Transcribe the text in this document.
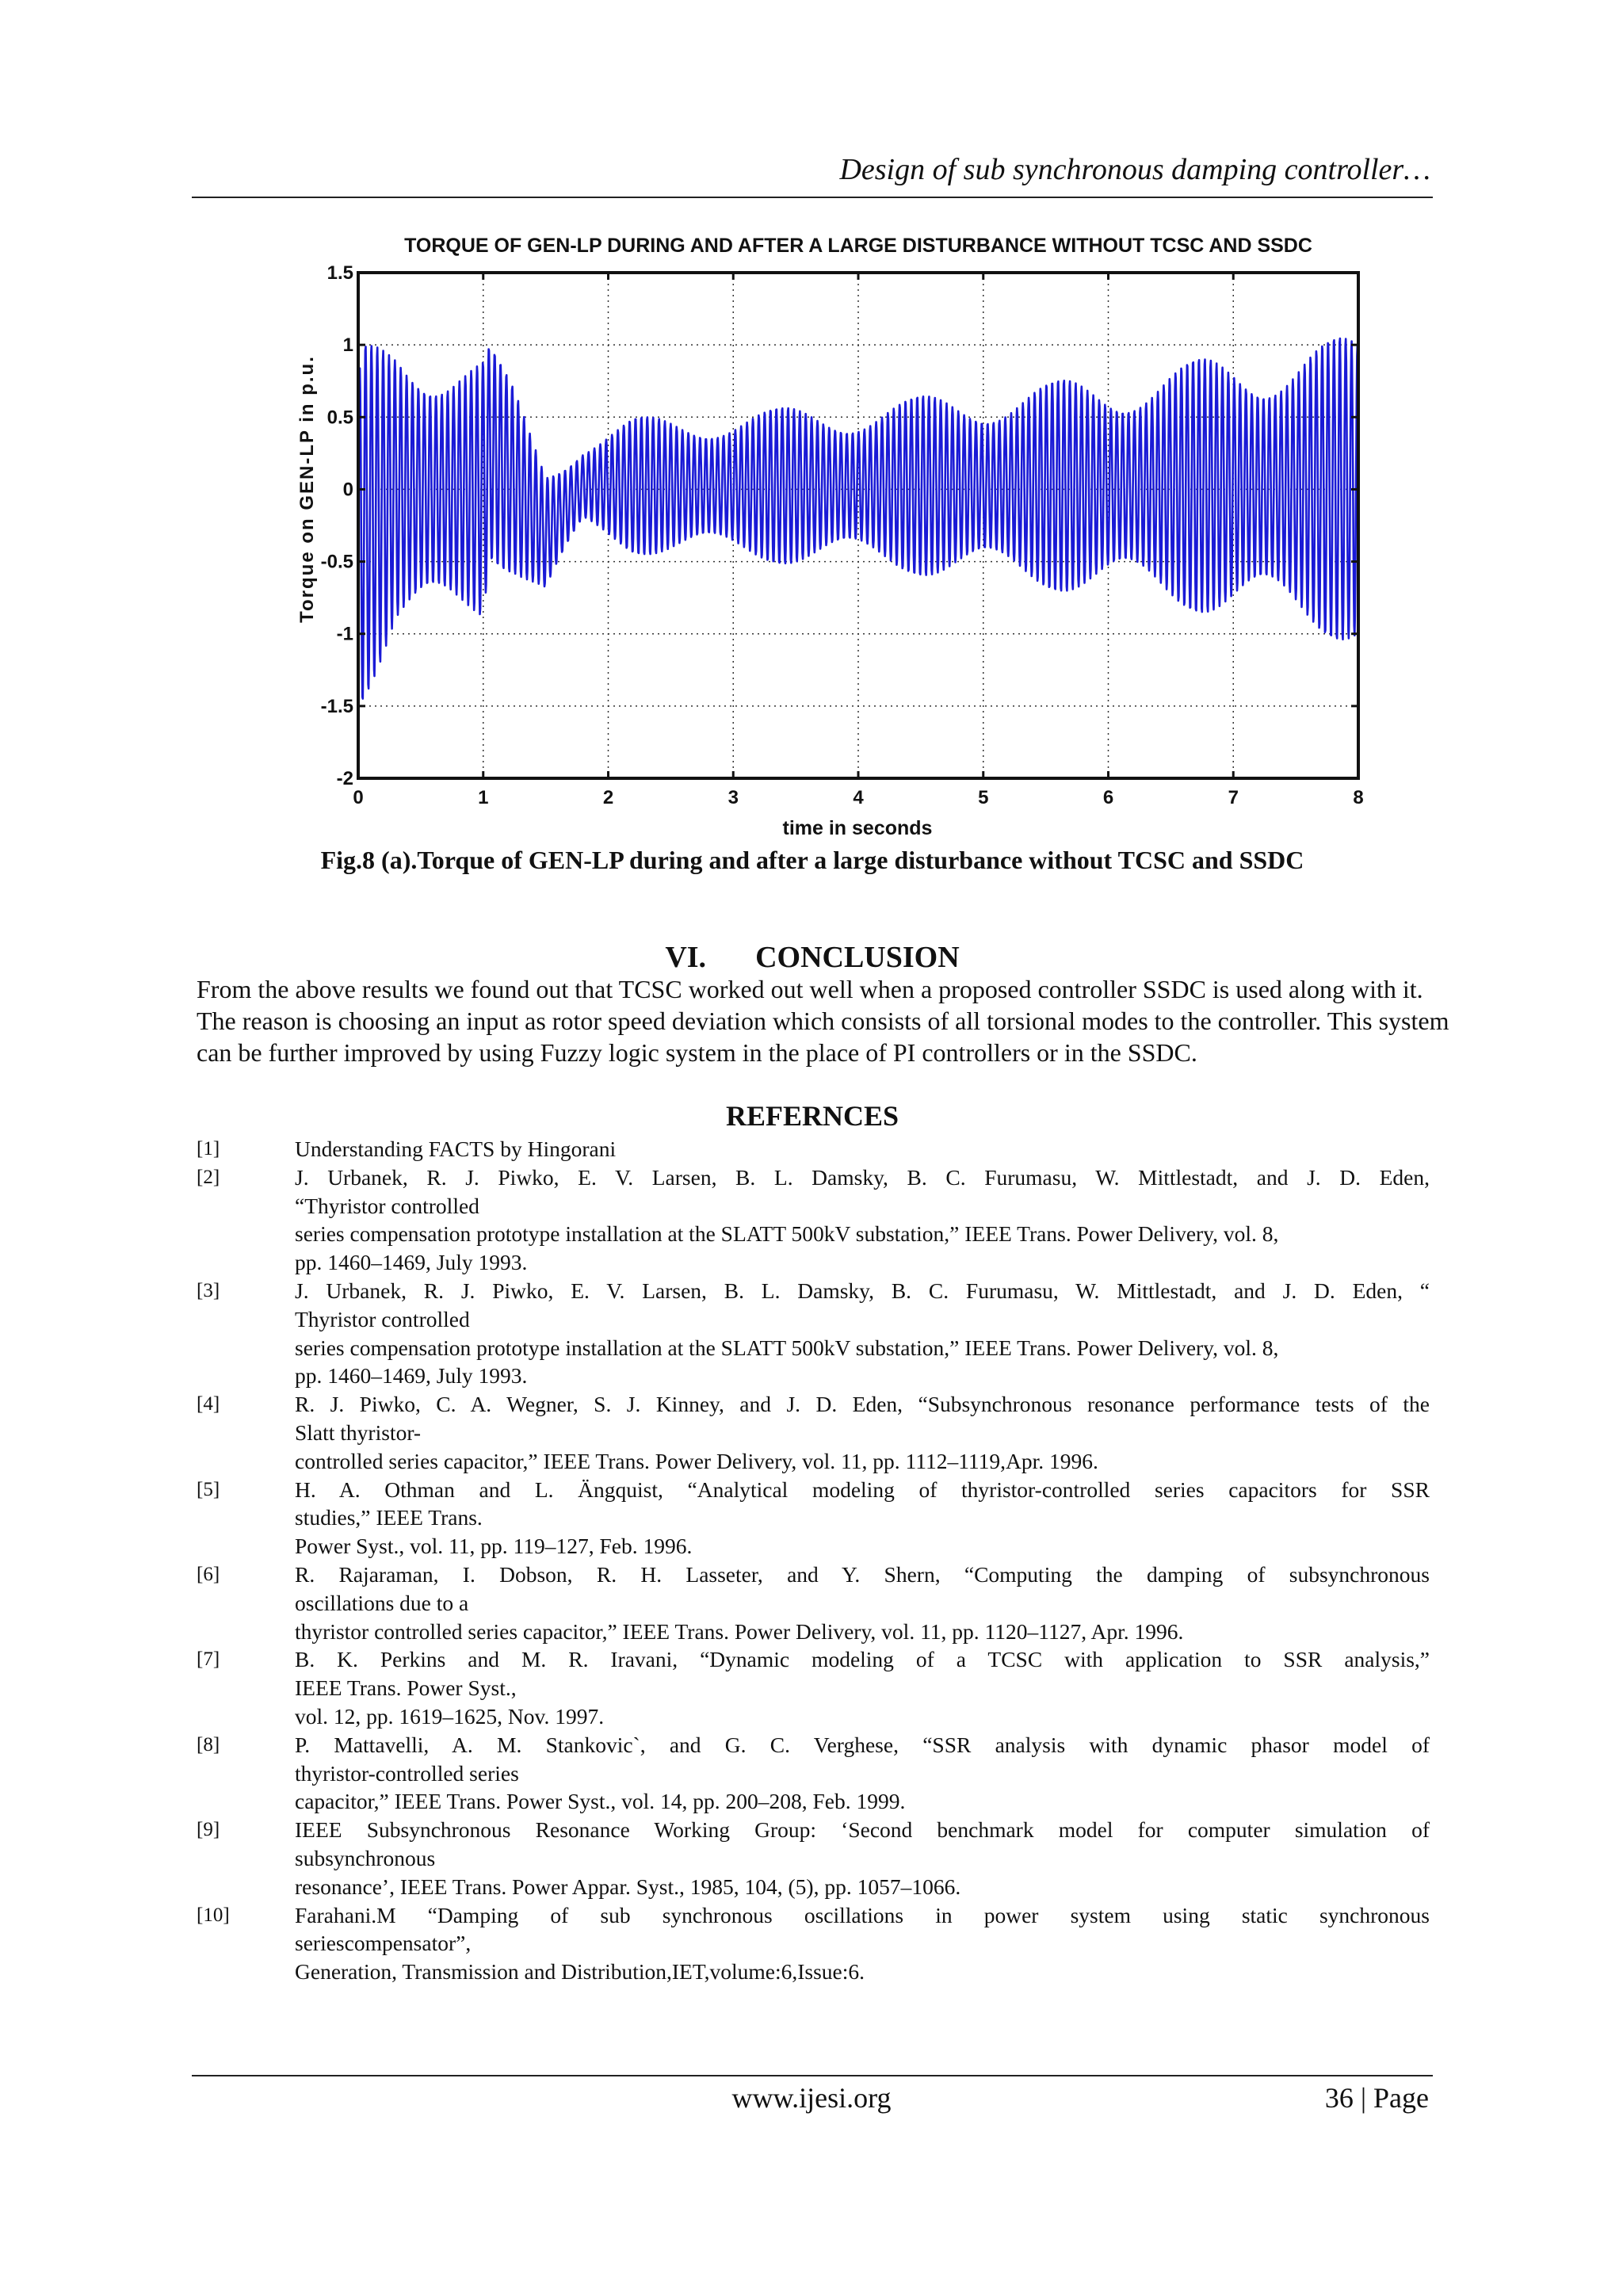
Design of sub synchronous damping controller…
TORQUE OF GEN-LP DURING AND AFTER A LARGE DISTURBANCE WITHOUT TCSC AND SSDC
Torque on GEN-LP in p.u.
time in seconds
0	1	2	3	4	5	6	7	8
1.5
1
0.5
0
-0.5
-1
-1.5
-2
Fig.8 (a).Torque of GEN-LP during and after a large disturbance without TCSC and SSDC
VI. CONCLUSION
From the above results we found out that TCSC worked out well when a proposed controller SSDC is used along with it. The reason is choosing an input as rotor speed deviation which consists of all torsional modes to the controller. This system can be further improved by using Fuzzy logic system in the place of PI controllers or in the SSDC.
REFERNCES
[1]	Understanding FACTS by Hingorani
[2]	J. Urbanek, R. J. Piwko, E. V. Larsen, B. L. Damsky, B. C. Furumasu, W. Mittlestadt, and J. D. Eden,
“Thyristor controlled
series compensation prototype installation at the SLATT 500kV substation,” IEEE Trans. Power Delivery, vol. 8,
pp. 1460–1469, July 1993.
[3]	J. Urbanek, R. J. Piwko, E. V. Larsen, B. L. Damsky, B. C. Furumasu, W. Mittlestadt, and J. D. Eden, “
Thyristor controlled
series compensation prototype installation at the SLATT 500kV substation,” IEEE Trans. Power Delivery, vol. 8,
pp. 1460–1469, July 1993.
[4]	R. J. Piwko, C. A. Wegner, S. J. Kinney, and J. D. Eden, “Subsynchronous resonance performance tests of the
Slatt thyristor-
controlled series capacitor,” IEEE Trans. Power Delivery, vol. 11, pp. 1112–1119,Apr. 1996.
[5]	H. A. Othman and L. Ängquist, “Analytical modeling of thyristor-controlled series capacitors for SSR
studies,” IEEE Trans.
Power Syst., vol. 11, pp. 119–127, Feb. 1996.
[6]	R. Rajaraman, I. Dobson, R. H. Lasseter, and Y. Shern, “Computing the damping of subsynchronous
oscillations due to a
thyristor controlled series capacitor,” IEEE Trans. Power Delivery, vol. 11, pp. 1120–1127, Apr. 1996.
[7]	B. K. Perkins and M. R. Iravani, “Dynamic modeling of a TCSC with application to SSR analysis,”
IEEE Trans. Power Syst.,
vol. 12, pp. 1619–1625, Nov. 1997.
[8]	P. Mattavelli, A. M. Stankovic`, and G. C. Verghese, “SSR analysis with dynamic phasor model of
thyristor-controlled series
capacitor,” IEEE Trans. Power Syst., vol. 14, pp. 200–208, Feb. 1999.
[9]	IEEE Subsynchronous Resonance Working Group: ‘Second benchmark model for computer simulation of
subsynchronous
resonance’, IEEE Trans. Power Appar. Syst., 1985, 104, (5), pp. 1057–1066.
[10]	Farahani.M “Damping of sub synchronous oscillations in power system using static synchronous
seriescompensator”,
Generation, Transmission and Distribution,IET,volume:6,Issue:6.
www.ijesi.org	36 | Page
